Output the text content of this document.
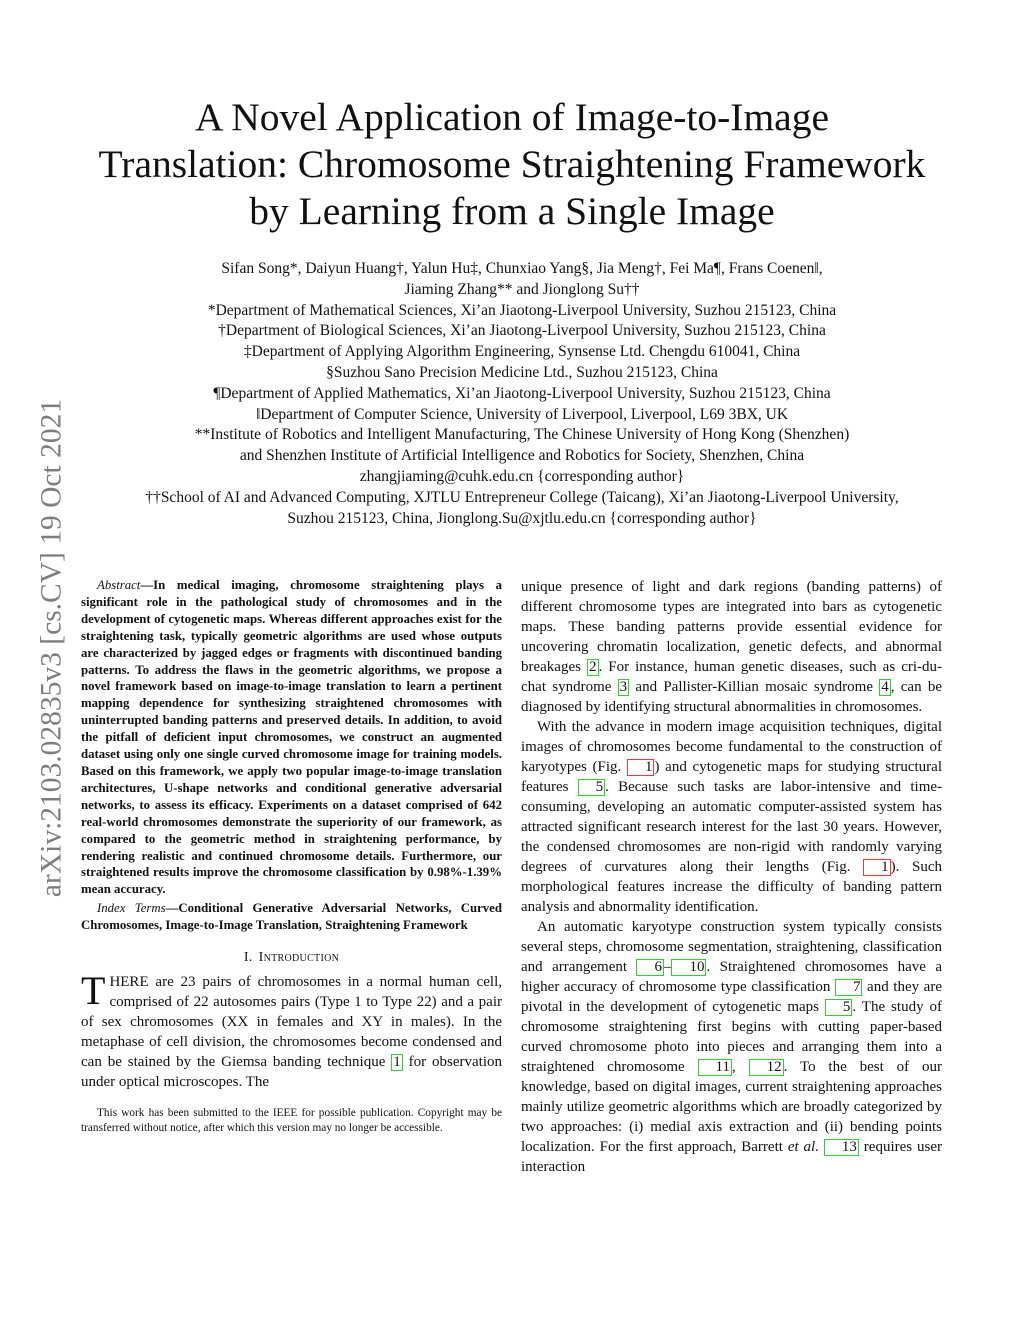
arXiv:2103.02835v3 [cs.CV] 19 Oct 2021
A Novel Application of Image-to-Image
Translation: Chromosome Straightening Framework
by Learning from a Single Image
Sifan Song*, Daiyun Huang†, Yalun Hu‡, Chunxiao Yang§, Jia Meng†, Fei Ma¶, Frans Coenen‖,
Jiaming Zhang** and Jionglong Su††
*Department of Mathematical Sciences, Xi’an Jiaotong-Liverpool University, Suzhou 215123, China
†Department of Biological Sciences, Xi’an Jiaotong-Liverpool University, Suzhou 215123, China
‡Department of Applying Algorithm Engineering, Synsense Ltd. Chengdu 610041, China
§Suzhou Sano Precision Medicine Ltd., Suzhou 215123, China
¶Department of Applied Mathematics, Xi’an Jiaotong-Liverpool University, Suzhou 215123, China
‖Department of Computer Science, University of Liverpool, Liverpool, L69 3BX, UK
**Institute of Robotics and Intelligent Manufacturing, The Chinese University of Hong Kong (Shenzhen)
and Shenzhen Institute of Artificial Intelligence and Robotics for Society, Shenzhen, China
zhangjiaming@cuhk.edu.cn {corresponding author}
††School of AI and Advanced Computing, XJTLU Entrepreneur College (Taicang), Xi’an Jiaotong-Liverpool University,
Suzhou 215123, China, Jionglong.Su@xjtlu.edu.cn {corresponding author}

Abstract—In medical imaging, chromosome straightening plays a significant role in the pathological study of chromosomes and in the development of cytogenetic maps. Whereas different approaches exist for the straightening task, typically geometric algorithms are used whose outputs are characterized by jagged edges or fragments with discontinued banding patterns. To address the flaws in the geometric algorithms, we propose a novel framework based on image-to-image translation to learn a pertinent mapping dependence for synthesizing straightened chromosomes with uninterrupted banding patterns and preserved details. In addition, to avoid the pitfall of deficient input chromosomes, we construct an augmented dataset using only one single curved chromosome image for training models. Based on this framework, we apply two popular image-to-image translation architectures, U-shape networks and conditional generative adversarial networks, to assess its efficacy. Experiments on a dataset comprised of 642 real-world chromosomes demonstrate the superiority of our framework, as compared to the geometric method in straightening performance, by rendering realistic and continued chromosome details. Furthermore, our straightened results improve the chromosome classification by 0.98%-1.39% mean accuracy.

Index Terms—Conditional Generative Adversarial Networks, Curved Chromosomes, Image-to-Image Translation, Straightening Framework

I. Introduction

THERE are 23 pairs of chromosomes in a normal human cell, comprised of 22 autosomes pairs (Type 1 to Type 22) and a pair of sex chromosomes (XX in females and XY in males). In the metaphase of cell division, the chromosomes become condensed and can be stained by the Giemsa banding technique 1 for observation under optical microscopes. The

This work has been submitted to the IEEE for possible publication. Copyright may be transferred without notice, after which this version may no longer be accessible.

unique presence of light and dark regions (banding patterns) of different chromosome types are integrated into bars as cytogenetic maps. These banding patterns provide essential evidence for uncovering chromatin localization, genetic defects, and abnormal breakages 2 . For instance, human genetic diseases, such as cri-du-chat syndrome 3 and Pallister-Killian mosaic syndrome 4 , can be diagnosed by identifying structural abnormalities in chromosomes.

With the advance in modern image acquisition techniques, digital images of chromosomes become fundamental to the construction of karyotypes (Fig. 1 ) and cytogenetic maps for studying structural features 5 . Because such tasks are labor-intensive and time-consuming, developing an automatic computer-assisted system has attracted significant research interest for the last 30 years. However, the condensed chromosomes are non-rigid with randomly varying degrees of curvatures along their lengths (Fig. 1 ). Such morphological features increase the difficulty of banding pattern analysis and abnormality identification.

An automatic karyotype construction system typically consists several steps, chromosome segmentation, straightening, classification and arrangement 6 – 10 . Straightened chromosomes have a higher accuracy of chromosome type classification 7 and they are pivotal in the development of cytogenetic maps 5 . The study of chromosome straightening first begins with cutting paper-based curved chromosome photo into pieces and arranging them into a straightened chromosome 11 , 12 . To the best of our knowledge, based on digital images, current straightening approaches mainly utilize geometric algorithms which are broadly categorized by two approaches: (i) medial axis extraction and (ii) bending points localization. For the first approach, Barrett et al. 13 requires user interaction
